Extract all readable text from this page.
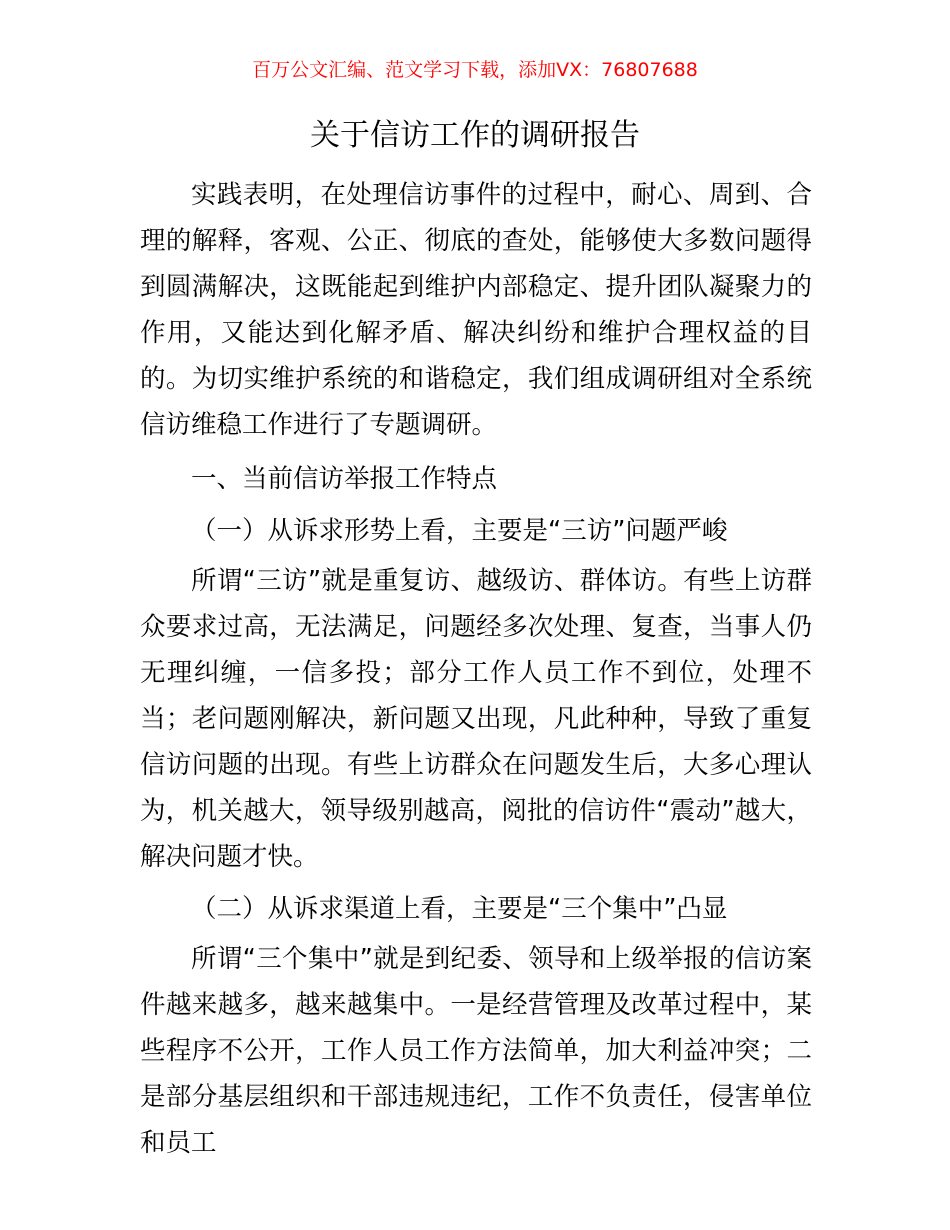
百万公文汇编、范文学习下载，添加VX：76807688
关于信访工作的调研报告

实践表明，在处理信访事件的过程中，耐心、周到、合理的解释，客观、公正、彻底的查处，能够使大多数问题得到圆满解决，这既能起到维护内部稳定、提升团队凝聚力的作用，又能达到化解矛盾、解决纠纷和维护合理权益的目的。为切实维护系统的和谐稳定，我们组成调研组对全系统信访维稳工作进行了专题调研。

一、当前信访举报工作特点

（一）从诉求形势上看，主要是“三访”问题严峻

所谓“三访”就是重复访、越级访、群体访。有些上访群众要求过高，无法满足，问题经多次处理、复查，当事人仍无理纠缠，一信多投；部分工作人员工作不到位，处理不当；老问题刚解决，新问题又出现，凡此种种，导致了重复信访问题的出现。有些上访群众在问题发生后，大多心理认为，机关越大，领导级别越高，阅批的信访件“震动”越大，解决问题才快。

（二）从诉求渠道上看，主要是“三个集中”凸显

所谓“三个集中”就是到纪委、领导和上级举报的信访案件越来越多，越来越集中。一是经营管理及改革过程中，某些程序不公开，工作人员工作方法简单，加大利益冲突；二是部分基层组织和干部违规违纪，工作不负责任，侵害单位和员工
